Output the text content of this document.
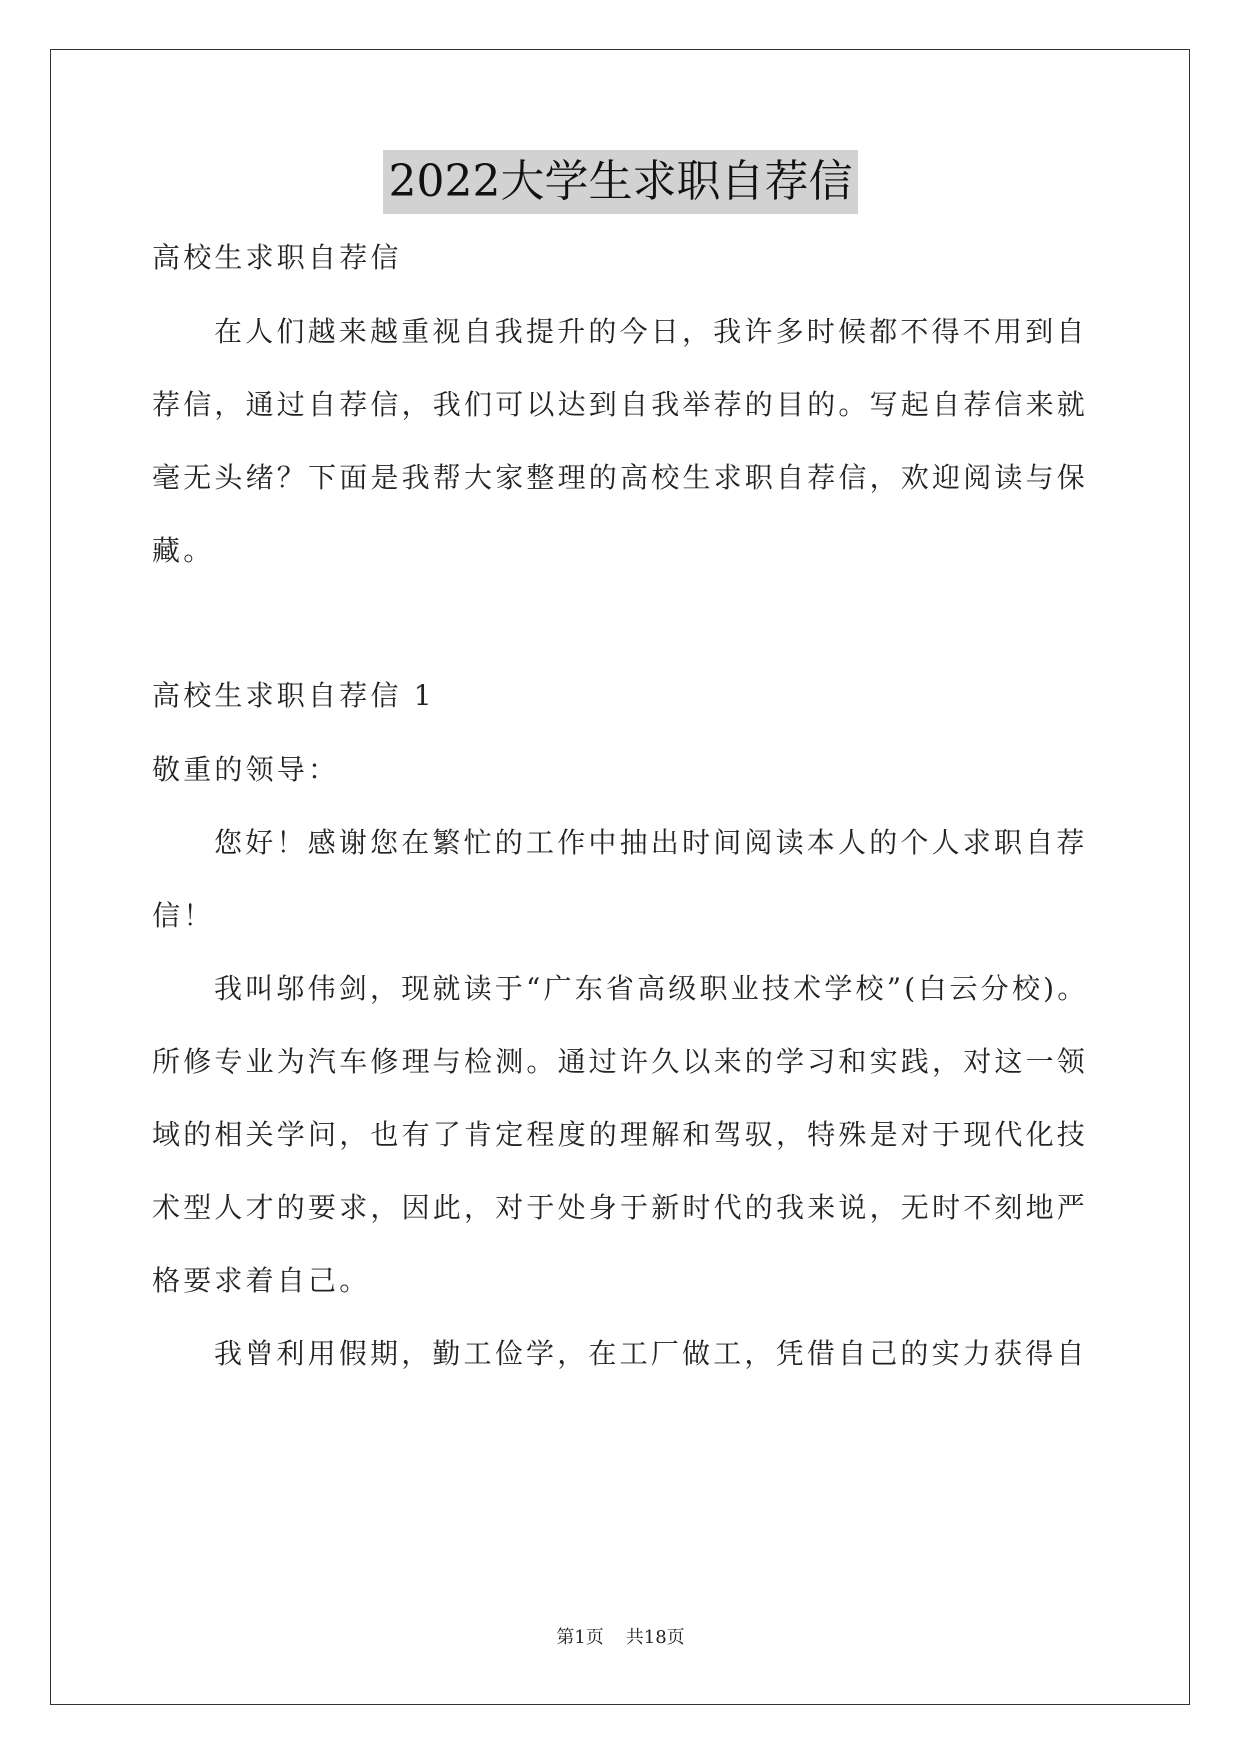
2022大学生求职自荐信
高校生求职自荐信
在人们越来越重视自我提升的今日，我许多时候都不得不用到自
荐信，通过自荐信，我们可以达到自我举荐的目的。写起自荐信来就
毫无头绪？下面是我帮大家整理的高校生求职自荐信，欢迎阅读与保
藏。
高校生求职自荐信 1
敬重的领导：
您好！感谢您在繁忙的工作中抽出时间阅读本人的个人求职自荐
信！
我叫邬伟剑，现就读于“广东省高级职业技术学校”(白云分校)。
所修专业为汽车修理与检测。通过许久以来的学习和实践，对这一领
域的相关学问，也有了肯定程度的理解和驾驭，特殊是对于现代化技
术型人才的要求，因此，对于处身于新时代的我来说，无时不刻地严
格要求着自己。
我曾利用假期，勤工俭学，在工厂做工，凭借自己的实力获得自
第1页 共18页
